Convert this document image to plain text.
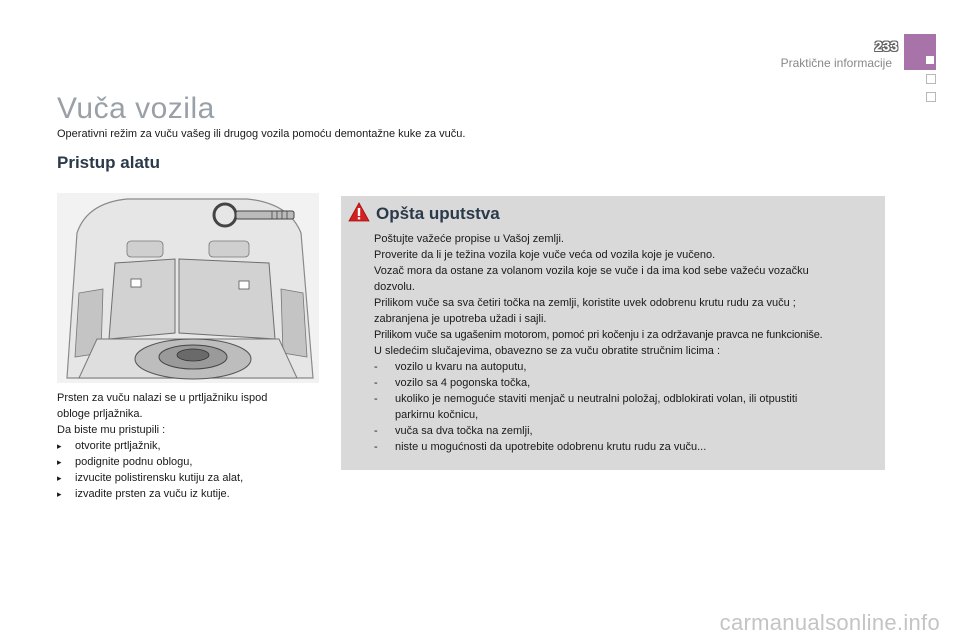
233
Praktične informacije
Vuča vozila
Operativni režim za vuču vašeg ili drugog vozila pomoću demontažne kuke za vuču.
Pristup alatu
Prsten za vuču nalazi se u prtljažniku ispod
obloge prljažnika.
Da biste mu pristupili :
▸	otvorite prtljažnik,
▸	podignite podnu oblogu,
▸	izvucite polistirensku kutiju za alat,
▸	izvadite prsten za vuču iz kutije.
Opšta uputstva
Poštujte važeće propise u Vašoj zemlji.
Proverite da li je težina vozila koje vuče veća od vozila koje je vučeno.
Vozač mora da ostane za volanom vozila koje se vuče i da ima kod sebe važeću vozačku
dozvolu.
Prilikom vuče sa sva četiri točka na zemlji, koristite uvek odobrenu krutu rudu za vuču ;
zabranjena je upotreba užadi i sajli.
Prilikom vuče sa ugašenim motorom, pomoć pri kočenju i za održavanje pravca ne funkcioniše.
U sledećim slučajevima, obavezno se za vuču obratite stručnim licima :
-	vozilo u kvaru na autoputu,
-	vozilo sa 4 pogonska točka,
-	ukoliko je nemoguće staviti menjač u neutralni položaj, odblokirati volan, ili otpustiti
parkirnu kočnicu,
-	vuča sa dva točka na zemlji,
-	niste u mogućnosti da upotrebite odobrenu krutu rudu za vuču...
carmanualsonline.info
